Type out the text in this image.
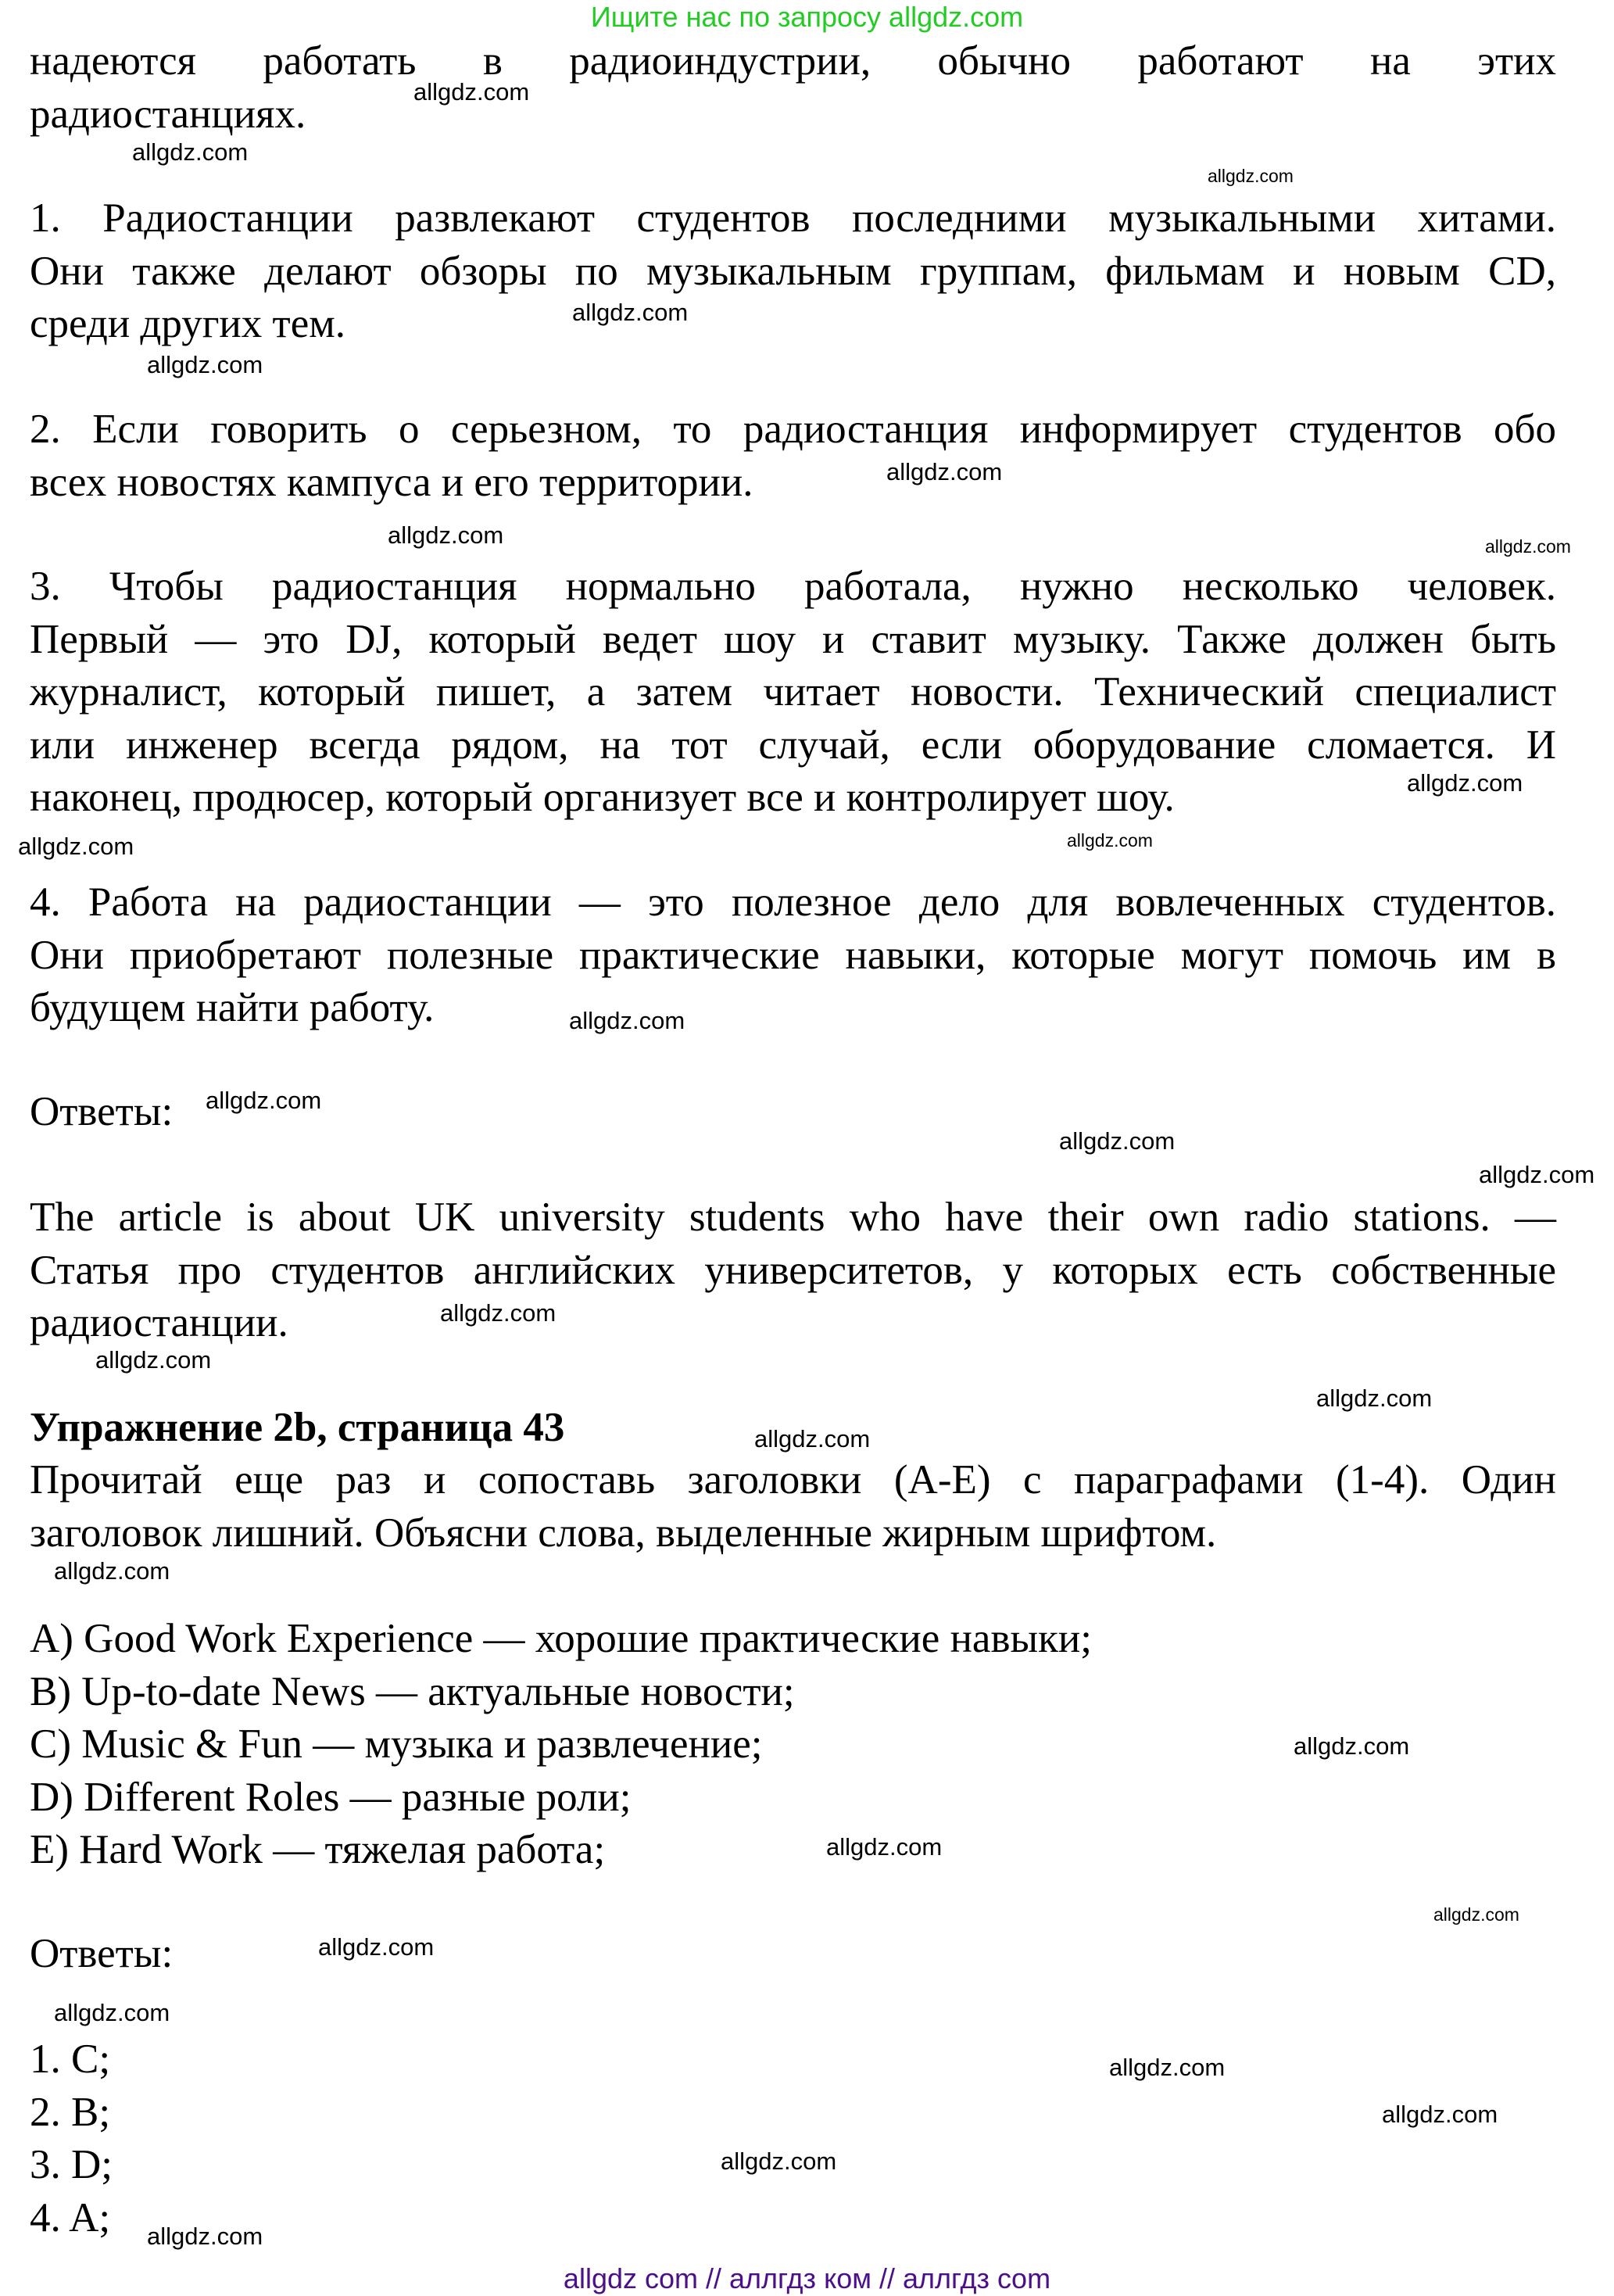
Ищите нас по запросу allgdz.com
надеются работать в радиоиндустрии, обычно работают на этих
радиостанциях.
1. Радиостанции развлекают студентов последними музыкальными хитами.
Они также делают обзоры по музыкальным группам, фильмам и новым CD,
среди других тем.
2. Если говорить о серьезном, то радиостанция информирует студентов обо
всех новостях кампуса и его территории.
3. Чтобы радиостанция нормально работала, нужно несколько человек.
Первый — это DJ, который ведет шоу и ставит музыку. Также должен быть
журналист, который пишет, а затем читает новости. Технический специалист
или инженер всегда рядом, на тот случай, если оборудование сломается. И
наконец, продюсер, который организует все и контролирует шоу.
4. Работа на радиостанции — это полезное дело для вовлеченных студентов.
Они приобретают полезные практические навыки, которые могут помочь им в
будущем найти работу.
Ответы:
The article is about UK university students who have their own radio stations. —
Статья про студентов английских университетов, у которых есть собственные
радиостанции.
Упражнение 2b, страница 43
Прочитай еще раз и сопоставь заголовки (A-E) с параграфами (1-4). Один
заголовок лишний. Объясни слова, выделенные жирным шрифтом.
A) Good Work Experience — хорошие практические навыки;
B) Up-to-date News — актуальные новости;
C) Music & Fun — музыка и развлечение;
D) Different Roles — разные роли;
E) Hard Work — тяжелая работа;
Ответы:
1. C;
2. B;
3. D;
4. A;
allgdz.com
allgdz.com
allgdz.com
allgdz.com
allgdz.com
allgdz.com
allgdz.com	allgdz.com
allgdz.com
allgdz.com
allgdz.com
allgdz.com
allgdz.com
allgdz.com
allgdz.com
allgdz.com
allgdz.com
allgdz.com
allgdz.com
allgdz.com
allgdz.com
allgdz.com
allgdz.com
allgdz.com
allgdz.com
allgdz.com
allgdz.com
allgdz.com
allgdz.com
allgdz com // аллгдз ком // аллгдз com
